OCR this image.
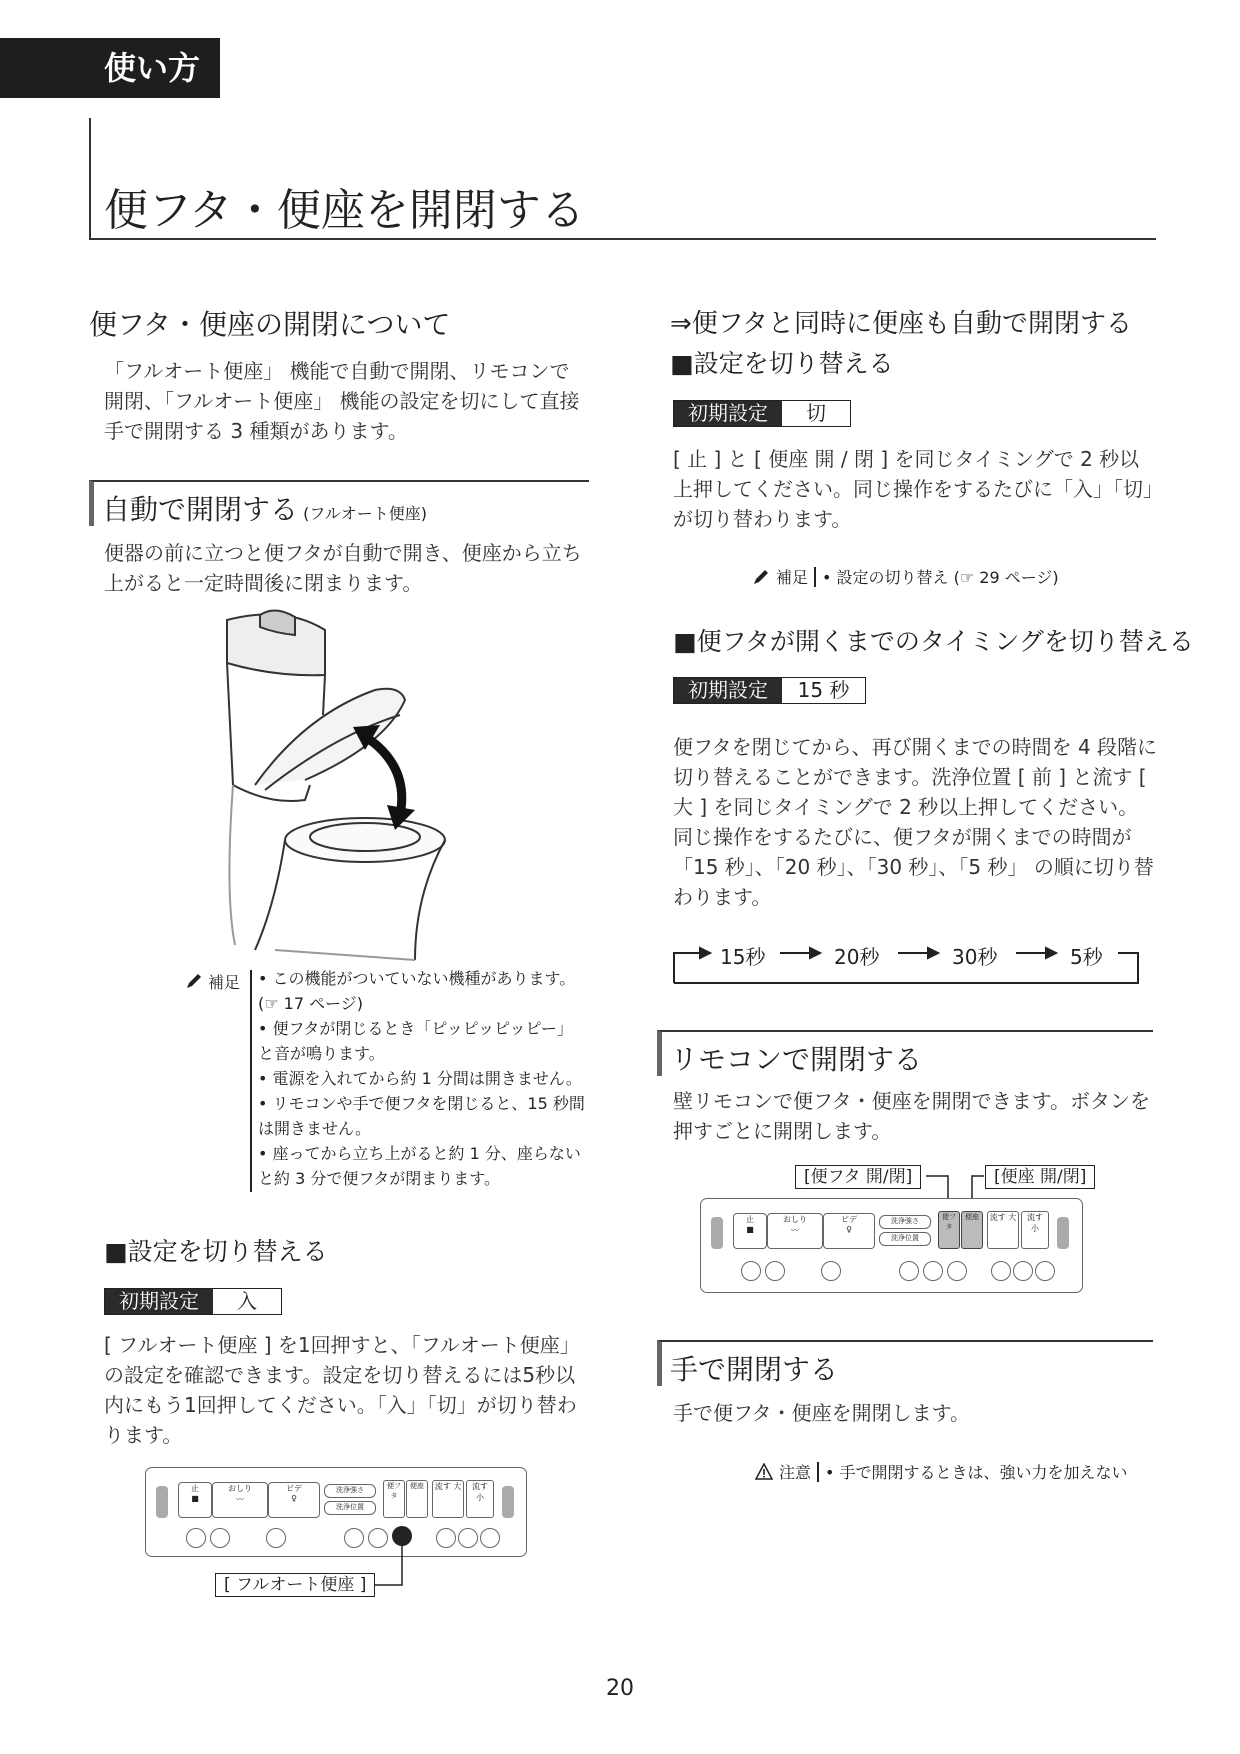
使い方
便フタ・便座を開閉する
便フタ・便座の開閉について
「フルオート便座」 機能で自動で開閉、リモコンで開閉、「フルオート便座」 機能の設定を切にして直接手で開閉する 3 種類があります。
自動で開閉する (フルオート便座)
便器の前に立つと便フタが自動で開き、便座から立ち上がると一定時間後に閉まります。
補足 • この機能がついていない機種があります。(☞ 17 ページ)
• 便フタが閉じるとき「ピッピッピッピー」と音が鳴ります。
• 電源を入れてから約 1 分間は開きません。
• リモコンや手で便フタを閉じると、15 秒間は開きません。
• 座ってから立ち上がると約 1 分、座らないと約 3 分で便フタが閉まります。
■設定を切り替える
初期設定	入
[ フルオート便座 ] を1回押すと、「フルオート便座」の設定を確認できます。設定を切り替えるには5秒以内にもう1回押してください。「入」「切」が切り替わります。
止
■
おしり
〰
ビデ
♀
洗浄強さ
洗浄位置
便フタ
便座	流す 大	流す 小
[ フルオート便座 ]
⇒便フタと同時に便座も自動で開閉する
■設定を切り替える
初期設定	切
[ 止 ] と [ 便座 開 / 閉 ] を同じタイミングで 2 秒以上押してください。同じ操作をするたびに「入」「切」が切り替わります。
補足 • 設定の切り替え (☞ 29 ページ)
■便フタが開くまでのタイミングを切り替える
初期設定	15 秒
便フタを閉じてから、再び開くまでの時間を 4 段階に切り替えることができます。洗浄位置 [ 前 ] と流す [ 大 ] を同じタイミングで 2 秒以上押してください。同じ操作をするたびに、便フタが開くまでの時間が「15 秒」、「20 秒」、「30 秒」、「5 秒」 の順に切り替わります。
15秒	20秒	30秒	5秒
リモコンで開閉する
壁リモコンで便フタ・便座を開閉できます。ボタンを押すごとに開閉します。
[便フタ 開/閉]	[便座 開/閉]
止
■
おしり
〰
ビデ
♀
洗浄強さ
洗浄位置
便フタ
便座	流す 大	流す 小
手で開閉する
手で便フタ・便座を開閉します。
注意 • 手で開閉するときは、強い力を加えない
20
